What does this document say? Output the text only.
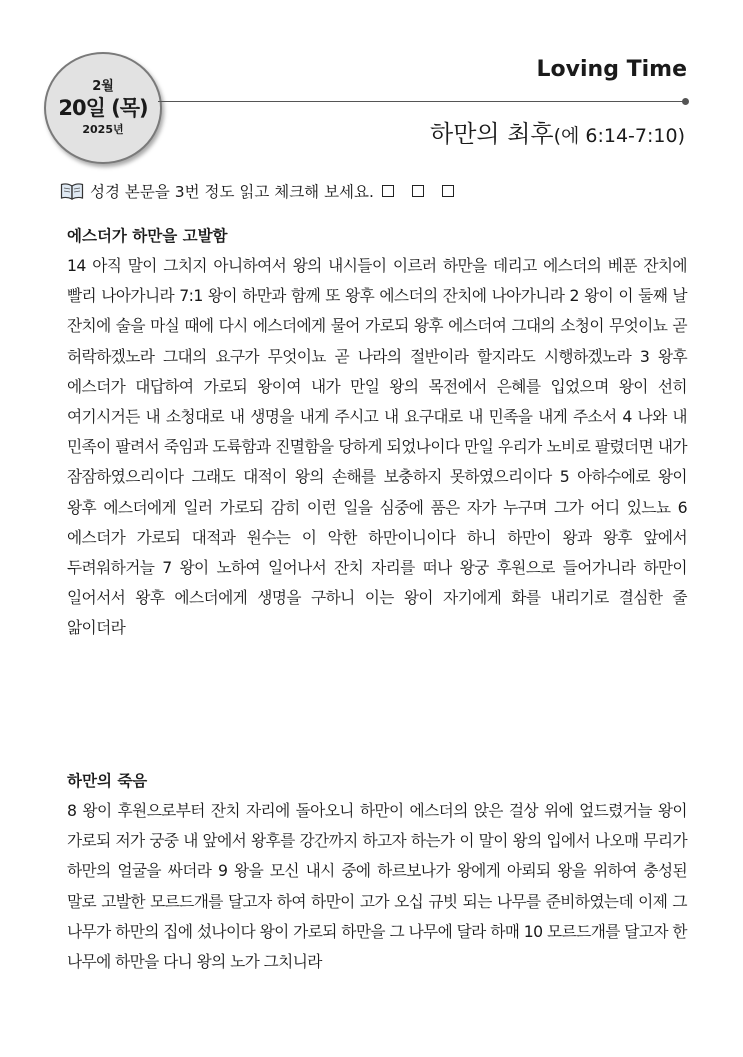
2월
20일 (목)
2025년
Loving Time
하만의 최후(에 6:14-7:10)
성경 본문을 3번 정도 읽고 체크해 보세요.

에스더가 하만을 고발함

14 아직 말이 그치지 아니하여서 왕의 내시들이 이르러 하만을 데리고 에스더의 베푼 잔치에 빨리 나아가니라 7:1 왕이 하만과 함께 또 왕후 에스더의 잔치에 나아가니라 2 왕이 이 둘째 날 잔치에 술을 마실 때에 다시 에스더에게 물어 가로되 왕후 에스더여 그대의 소청이 무엇이뇨 곧 허락하겠노라 그대의 요구가 무엇이뇨 곧 나라의 절반이라 할지라도 시행하겠노라 3 왕후 에스더가 대답하여 가로되 왕이여 내가 만일 왕의 목전에서 은혜를 입었으며 왕이 선히 여기시거든 내 소청대로 내 생명을 내게 주시고 내 요구대로 내 민족을 내게 주소서 4 나와 내 민족이 팔려서 죽임과 도륙함과 진멸함을 당하게 되었나이다 만일 우리가 노비로 팔렸더면 내가 잠잠하였으리이다 그래도 대적이 왕의 손해를 보충하지 못하였으리이다 5 아하수에로 왕이 왕후 에스더에게 일러 가로되 감히 이런 일을 심중에 품은 자가 누구며 그가 어디 있느뇨 6 에스더가 가로되 대적과 원수는 이 악한 하만이니이다 하니 하만이 왕과 왕후 앞에서 두려워하거늘 7 왕이 노하여 일어나서 잔치 자리를 떠나 왕궁 후원으로 들어가니라 하만이 일어서서 왕후 에스더에게 생명을 구하니 이는 왕이 자기에게 화를 내리기로 결심한 줄 앎이더라

하만의 죽음

8 왕이 후원으로부터 잔치 자리에 돌아오니 하만이 에스더의 앉은 걸상 위에 엎드렸거늘 왕이 가로되 저가 궁중 내 앞에서 왕후를 강간까지 하고자 하는가 이 말이 왕의 입에서 나오매 무리가 하만의 얼굴을 싸더라 9 왕을 모신 내시 중에 하르보나가 왕에게 아뢰되 왕을 위하여 충성된 말로 고발한 모르드개를 달고자 하여 하만이 고가 오십 규빗 되는 나무를 준비하였는데 이제 그 나무가 하만의 집에 섰나이다 왕이 가로되 하만을 그 나무에 달라 하매 10 모르드개를 달고자 한 나무에 하만을 다니 왕의 노가 그치니라
